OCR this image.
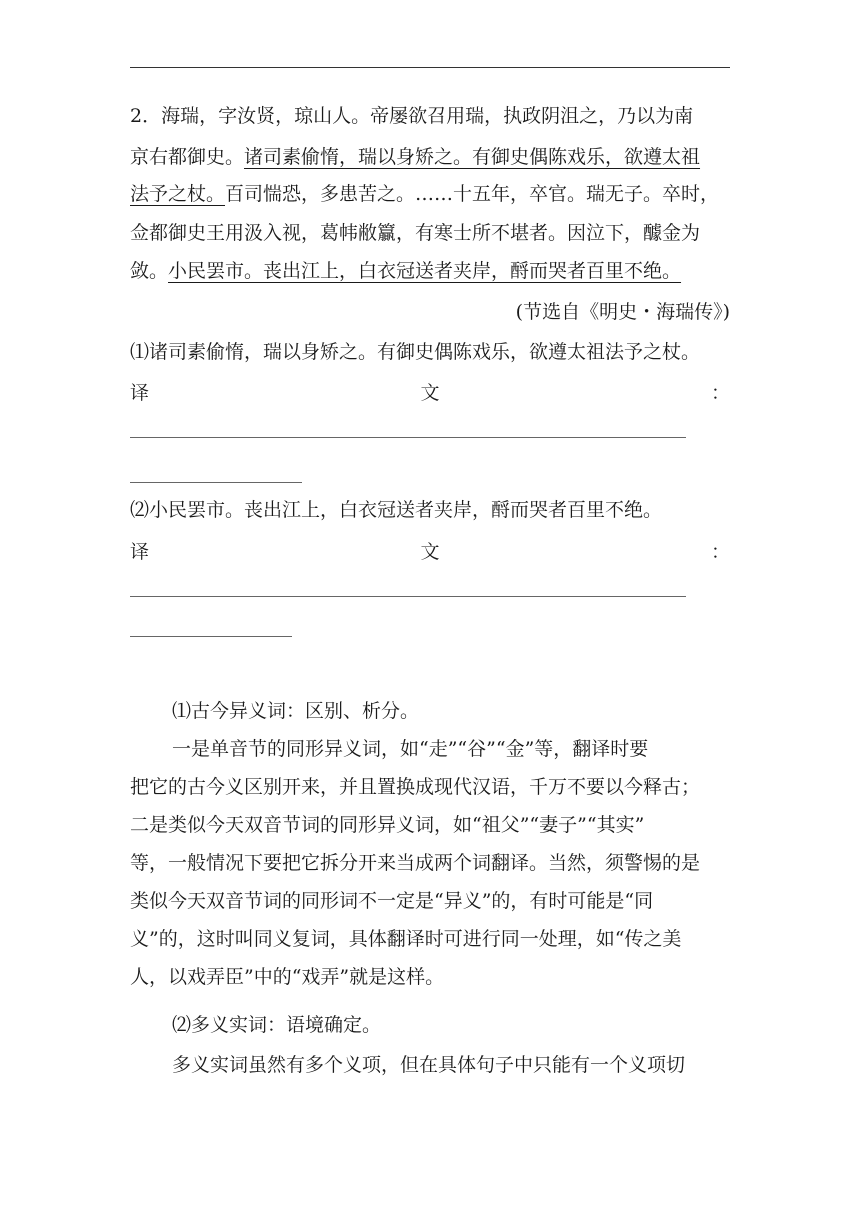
2．海瑞，字汝贤，琼山人。帝屡欲召用瑞，执政阴沮之，乃以为南
京右都御史。诸司素偷惰，瑞以身矫之。有御史偶陈戏乐，欲遵太祖
法予之杖。百司惴恐，多患苦之。……十五年，卒官。瑞无子。卒时，
佥都御史王用汲入视，葛帏敝籯，有寒士所不堪者。因泣下，醵金为
敛。小民罢市。丧出江上，白衣冠送者夹岸，酹而哭者百里不绝。
(节选自《明史・海瑞传》)
⑴诸司素偷惰，瑞以身矫之。有御史偶陈戏乐，欲遵太祖法予之杖。
译	文	：
⑵小民罢市。丧出江上，白衣冠送者夹岸，酹而哭者百里不绝。
译	文	：
⑴古今异义词：区别、析分。
一是单音节的同形异义词，如“走”“谷”“金”等，翻译时要
把它的古今义区别开来，并且置换成现代汉语，千万不要以今释古；
二是类似今天双音节词的同形异义词，如“祖父”“妻子”“其实”
等，一般情况下要把它拆分开来当成两个词翻译。当然，须警惕的是
类似今天双音节词的同形词不一定是“异义”的，有时可能是“同
义”的，这时叫同义复词，具体翻译时可进行同一处理，如“传之美
人，以戏弄臣”中的“戏弄”就是这样。
⑵多义实词：语境确定。
多义实词虽然有多个义项，但在具体句子中只能有一个义项切
